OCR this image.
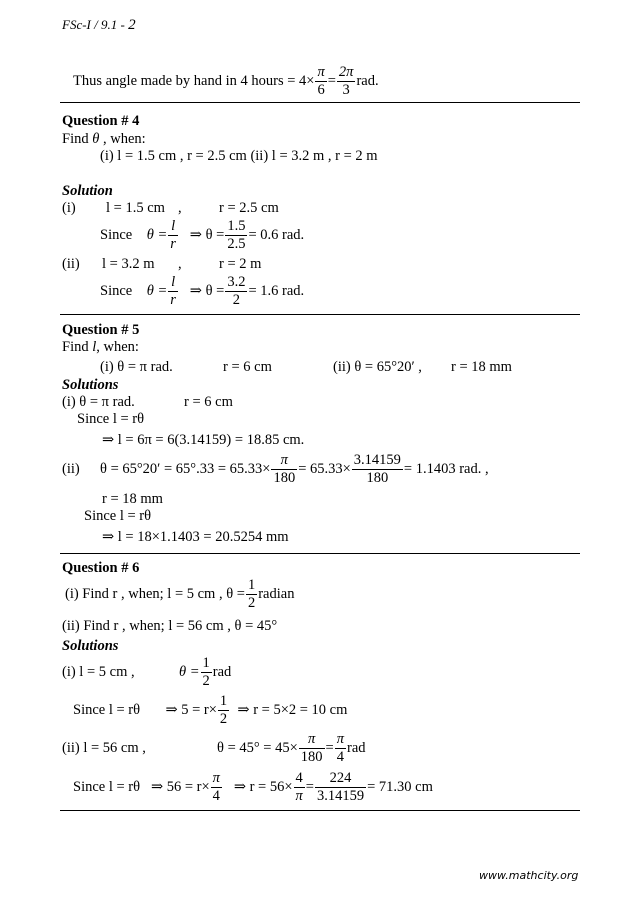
FSc-I / 9.1 - 2
Thus angle made by hand in 4 hours = $4\times \frac{\pi}{6} = \frac{2\pi}{3}$ rad.
Question # 4
Find θ , when:
(i) l = 1.5 cm , r = 2.5 cm (ii) l = 3.2 m , r = 2 m
Solution
(i) l = 1.5 cm ,	r = 2.5 cm
Since $\theta = \frac{l}{r}$ ⇒ $\theta = \frac{1.5}{2.5} = 0.6$ rad.
(ii) l = 3.2 m ,	r = 2 m
Since $\theta = \frac{l}{r}$ ⇒ $\theta = \frac{3.2}{2} = 1.6$ rad.
Question # 5
Find l, when:
(i) θ = π rad.	r = 6 cm	(ii) θ = 65°20′ , r = 18 mm
Solutions
(i) θ = π rad.	r = 6 cm
Since l = rθ
⇒ l = 6π = 6(3.14159) = 18.85 cm.
(ii) $\theta = 65^\circ 20' = 65^\circ.33 = 65.33\times \frac{\pi}{180} = 65.33\times \frac{3.14159}{180} = 1.1403$ rad. ,
r = 18 mm
Since l = rθ
⇒ l = 18×1.1403 = 20.5254 mm
Question # 6
(i) Find r , when; l = 5 cm , $\theta = \frac{1}{2}$ radian
(ii) Find r , when; l = 56 cm , θ = 45°
Solutions
(i) l = 5 cm ,	$\theta = \frac{1}{2}$ rad
Since l = rθ ⇒ $5 = r\times \frac{1}{2}$ ⇒ r = 5×2 = 10 cm
(ii) l = 56 cm ,	$\theta = 45^\circ = 45\times \frac{\pi}{180} = \frac{\pi}{4}$ rad
Since l = rθ ⇒ $56 = r\times \frac{\pi}{4}$ ⇒ $r = 56\times \frac{4}{\pi} = \frac{224}{3.14159} = 71.30$ cm
www.mathcity.org
